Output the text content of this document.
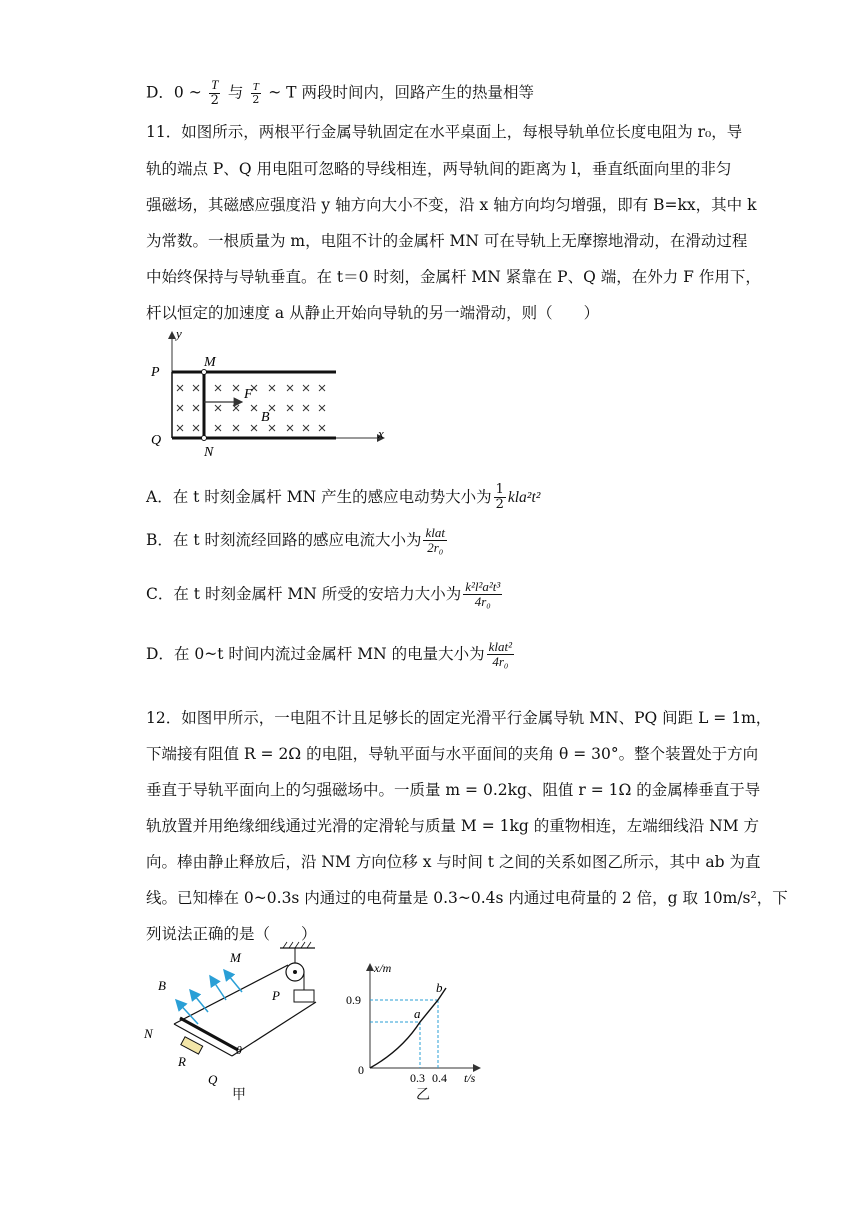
D．0 ~ $\frac{T}{2}$ 与 $\frac{T}{2}$ ~ T 两段时间内，回路产生的热量相等
11．如图所示，两根平行金属导轨固定在水平桌面上，每根导轨单位长度电阻为 r₀，导
轨的端点 P、Q 用电阻可忽略的导线相连，两导轨间的距离为 l，垂直纸面向里的非匀
强磁场，其磁感应强度沿 y 轴方向大小不变，沿 x 轴方向均匀增强，即有 B=kx，其中 k
为常数。一根质量为 m，电阻不计的金属杆 MN 可在导轨上无摩擦地滑动，在滑动过程
中始终保持与导轨垂直。在 t＝0 时刻，金属杆 MN 紧靠在 P、Q 端，在外力 F 作用下，
杆以恒定的加速度 a 从静止开始向导轨的另一端滑动，则（　　）
y
x
P
Q
M
N
F
B
A．在 t 时刻金属杆 MN 产生的感应电动势大小为 $\frac{1}{2} kla^2t^2$
B．在 t 时刻流经回路的感应电流大小为 $\frac{\text{klat}}{\text{2r₀}}$
C．在 t 时刻金属杆 MN 所受的安培力大小为 $\frac{\text{k²l²a²t³}}{\text{4r₀}}$
D．在 0~t 时间内流过金属杆 MN 的电量大小为 $\frac{\text{klat²}}{\text{4r₀}}$
12．如图甲所示，一电阻不计且足够长的固定光滑平行金属导轨 MN、PQ 间距 L = 1m，
下端接有阻值 R = 2Ω 的电阻，导轨平面与水平面间的夹角 θ = 30°。整个装置处于方向
垂直于导轨平面向上的匀强磁场中。一质量 m = 0.2kg、阻值 r = 1Ω 的金属棒垂直于导
轨放置并用绝缘细线通过光滑的定滑轮与质量 M = 1kg 的重物相连，左端细线沿 NM 方
向。棒由静止释放后，沿 NM 方向位移 x 与时间 t 之间的关系如图乙所示，其中 ab 为直
线。已知棒在 0~0.3s 内通过的电荷量是 0.3~0.4s 内通过电荷量的 2 倍，g 取 10m/s²，下
列说法正确的是（　　）
M
B
N
R
Q
P
θ
甲
x/m
t/s
0.9
0
0.3 0.4
a
b
乙
